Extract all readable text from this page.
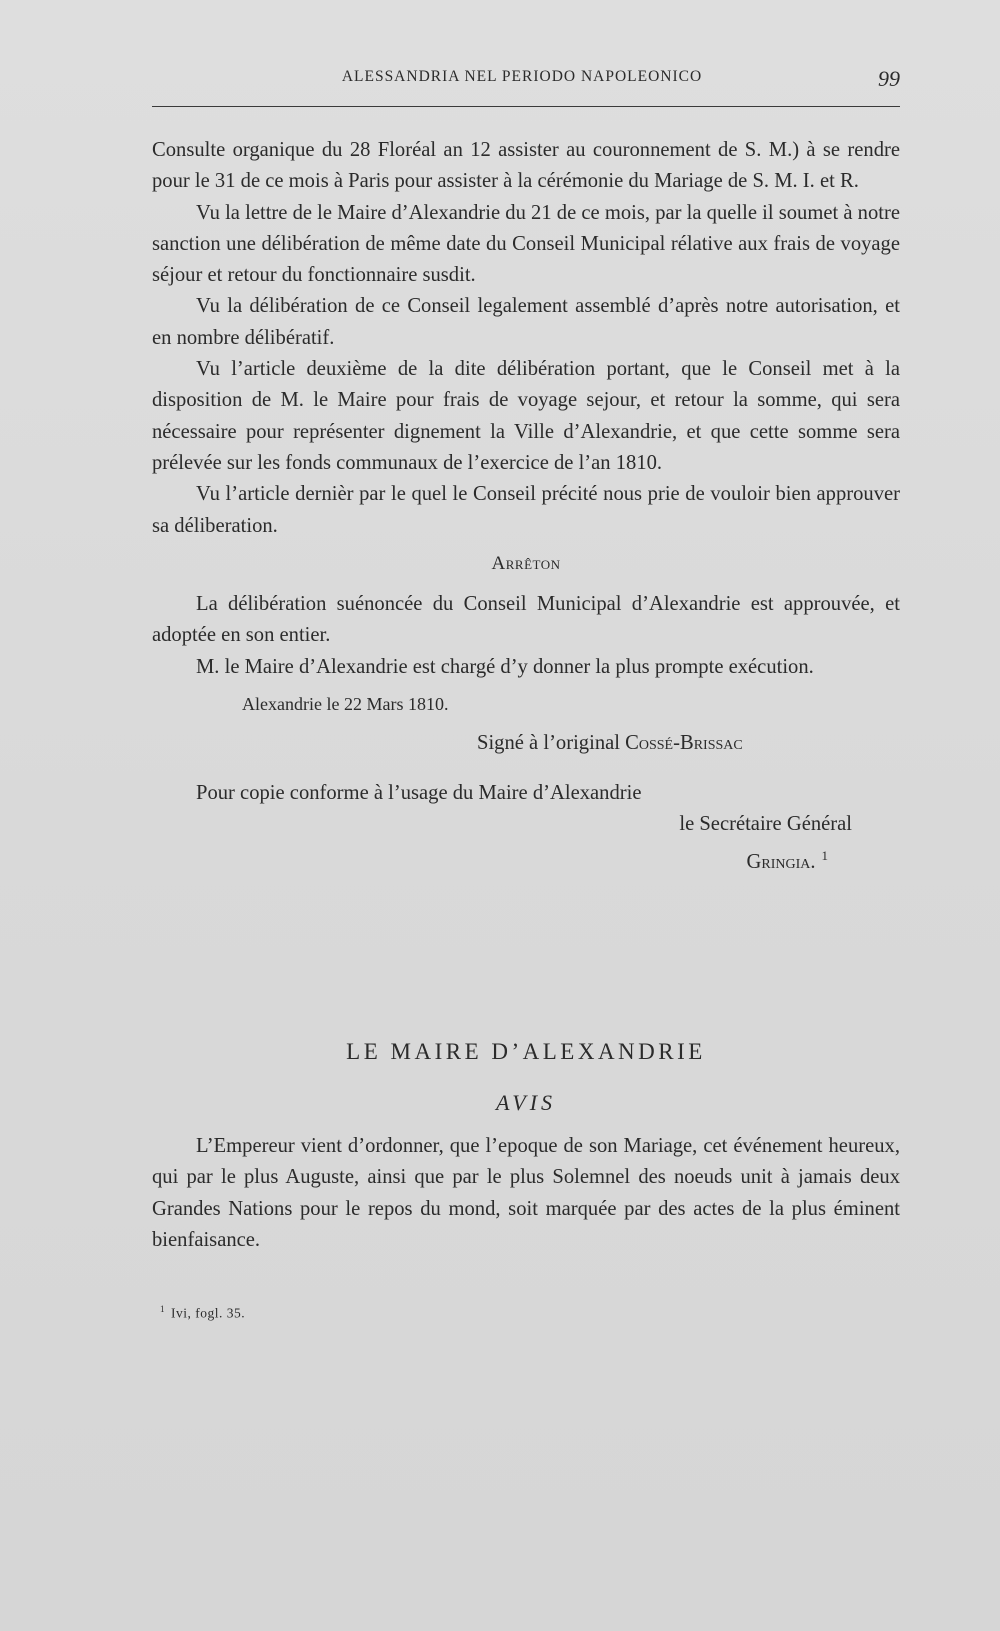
ALESSANDRIA NEL PERIODO NAPOLEONICO	99

Consulte organique du 28 Floréal an 12 assister au couronnement de S. M.) à se rendre pour le 31 de ce mois à Paris pour assister à la cérémonie du Mariage de S. M. I. et R.

Vu la lettre de le Maire d’Alexandrie du 21 de ce mois, par la quelle il soumet à notre sanction une délibération de même date du Conseil Municipal rélative aux frais de voyage séjour et retour du fonctionnaire susdit.

Vu la délibération de ce Conseil legalement assemblé d’après notre autorisation, et en nombre délibératif.

Vu l’article deuxième de la dite délibération portant, que le Conseil met à la disposition de M. le Maire pour frais de voyage sejour, et retour la somme, qui sera nécessaire pour représenter dignement la Ville d’Alexandrie, et que cette somme sera prélevée sur les fonds communaux de l’exercice de l’an 1810.

Vu l’article dernièr par le quel le Conseil précité nous prie de vouloir bien approuver sa déliberation.

Arrêton

La délibération suénoncée du Conseil Municipal d’Alexandrie est approuvée, et adoptée en son entier.

M. le Maire d’Alexandrie est chargé d’y donner la plus prompte exécution.

Alexandrie le 22 Mars 1810.

Signé à l’original Cossé-Brissac

Pour copie conforme à l’usage du Maire d’Alexandrie

le Secrétaire Général

Gringia. $^1$

LE MAIRE D’ALEXANDRIE
AVIS

L’Empereur vient d’ordonner, que l’epoque de son Mariage, cet événement heureux, qui par le plus Auguste, ainsi que par le plus Solemnel des noeuds unit à jamais deux Grandes Nations pour le repos du mond, soit marquée par des actes de la plus éminent bienfaisance.

$^1$ Ivi, fogl. 35.
